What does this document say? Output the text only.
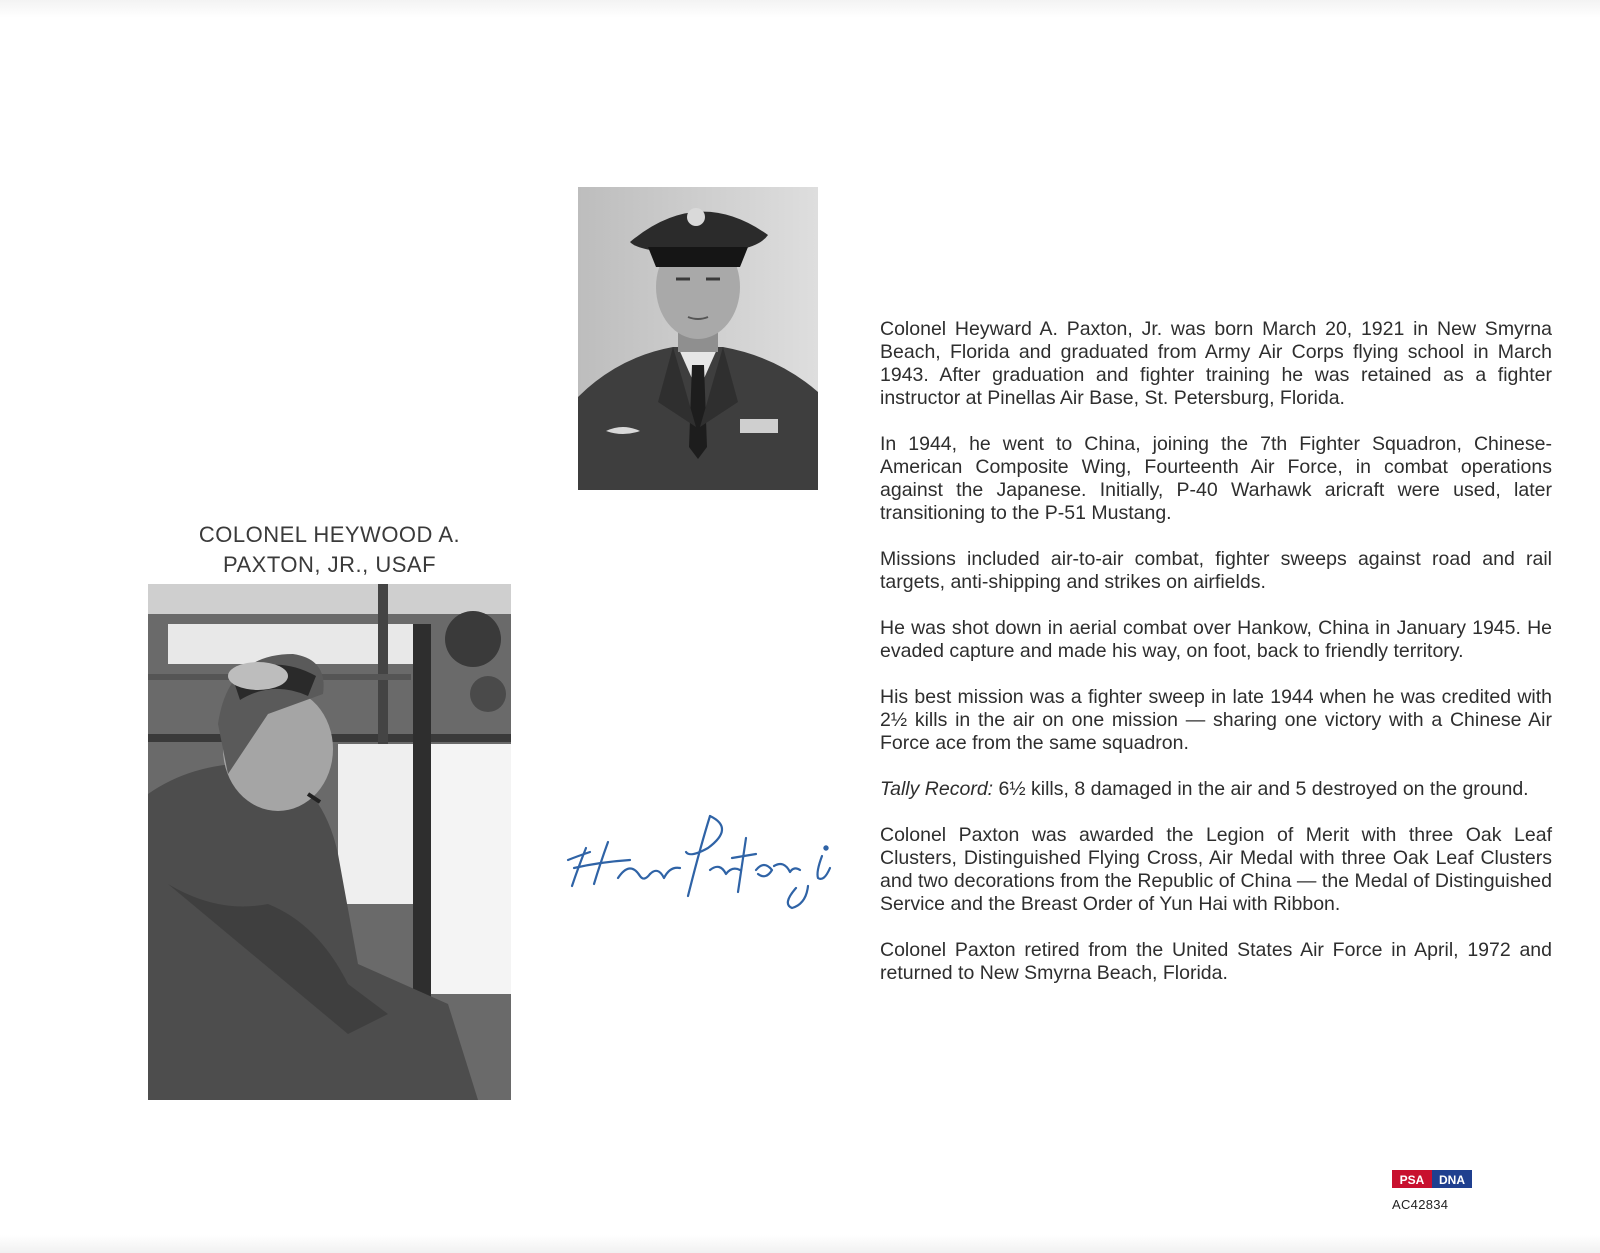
COLONEL HEYWOOD A.
PAXTON, JR., USAF

Colonel Heyward A. Paxton, Jr. was born March 20, 1921 in New Smyrna Beach, Florida and graduated from Army Air Corps flying school in March 1943. After graduation and fighter training he was retained as a fighter instructor at Pinellas Air Base, St. Petersburg, Florida.

In 1944, he went to China, joining the 7th Fighter Squadron, Chinese-American Composite Wing, Fourteenth Air Force, in combat operations against the Japanese. Initially, P-40 Warhawk aricraft were used, later transitioning to the P-51 Mustang.

Missions included air-to-air combat, fighter sweeps against road and rail targets, anti-shipping and strikes on airfields.

He was shot down in aerial combat over Hankow, China in January 1945. He evaded capture and made his way, on foot, back to friendly territory.

His best mission was a fighter sweep in late 1944 when he was credited with 2½ kills in the air on one mission — sharing one victory with a Chinese Air Force ace from the same squadron.

Tally Record: 6½ kills, 8 damaged in the air and 5 destroyed on the ground.

Colonel Paxton was awarded the Legion of Merit with three Oak Leaf Clusters, Distinguished Flying Cross, Air Medal with three Oak Leaf Clusters and two decorations from the Republic of China — the Medal of Distinguished Service and the Breast Order of Yun Hai with Ribbon.

Colonel Paxton retired from the United States Air Force in April, 1972 and returned to New Smyrna Beach, Florida.

PSA DNA
AC42834
